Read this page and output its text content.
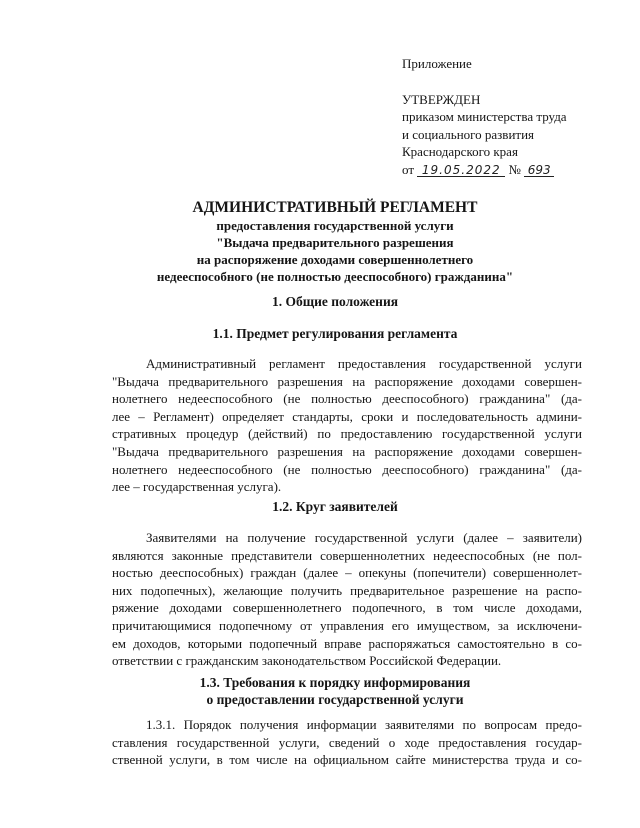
Приложение
УТВЕРЖДЕН
приказом министерства труда
и социального развития
Краснодарского края
от 19.05.2022 № 693
АДМИНИСТРАТИВНЫЙ РЕГЛАМЕНТ
предоставления государственной услуги
"Выдача предварительного разрешения
на распоряжение доходами совершеннолетнего
недееспособного (не полностью дееспособного) гражданина"
1. Общие положения
1.1. Предмет регулирования регламента
Административный регламент предоставления государственной услуги
"Выдача предварительного разрешения на распоряжение доходами совершен-
нолетнего недееспособного (не полностью дееспособного) гражданина" (да-
лее – Регламент) определяет стандарты, сроки и последовательность админи-
стративных процедур (действий) по предоставлению государственной услуги
"Выдача предварительного разрешения на распоряжение доходами совершен-
нолетнего недееспособного (не полностью дееспособного) гражданина" (да-
лее – государственная услуга).
1.2. Круг заявителей
Заявителями на получение государственной услуги (далее – заявители)
являются законные представители совершеннолетних недееспособных (не пол-
ностью дееспособных) граждан (далее – опекуны (попечители) совершеннолет-
них подопечных), желающие получить предварительное разрешение на распо-
ряжение доходами совершеннолетнего подопечного, в том числе доходами,
причитающимися подопечному от управления его имуществом, за исключени-
ем доходов, которыми подопечный вправе распоряжаться самостоятельно в со-
ответствии с гражданским законодательством Российской Федерации.
1.3. Требования к порядку информирования
о предоставлении государственной услуги
1.3.1. Порядок получения информации заявителями по вопросам предо-
ставления государственной услуги, сведений о ходе предоставления государ-
ственной услуги, в том числе на официальном сайте министерства труда и со-
